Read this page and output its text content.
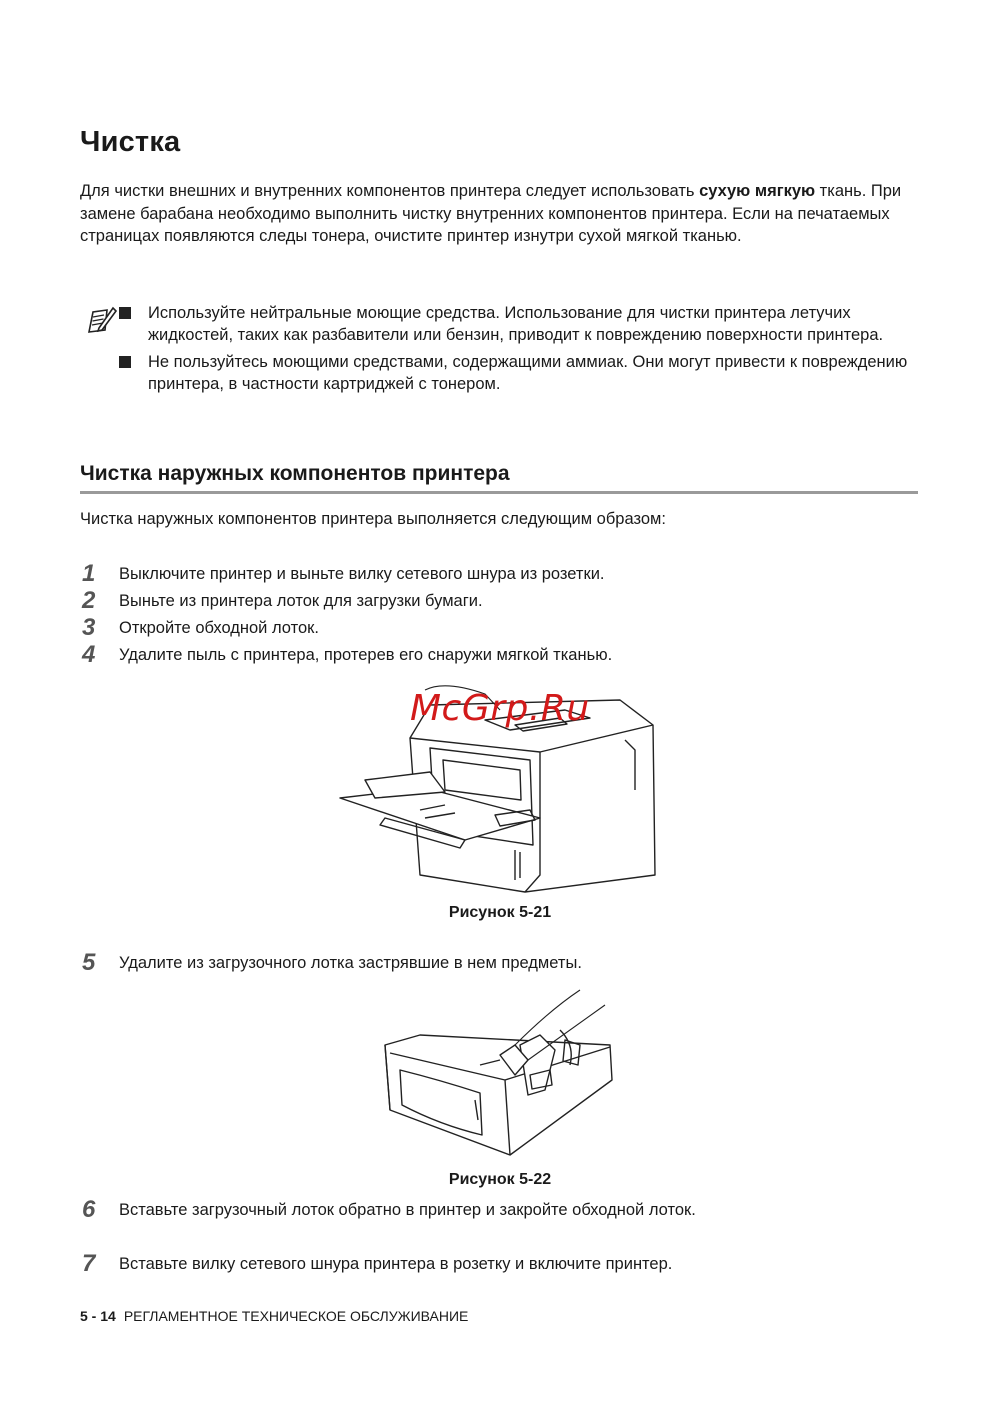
Чистка

Для чистки внешних и внутренних компонентов принтера следует использовать сухую мягкую ткань. При замене барабана необходимо выполнить чистку внутренних компонентов принтера. Если на печатаемых страницах появляются следы тонера, очистите принтер изнутри сухой мягкой тканью.

Используйте нейтральные моющие средства. Использование для чистки принтера летучих жидкостей, таких как разбавители или бензин, приводит к повреждению поверхности принтера.
Не пользуйтесь моющими средствами, содержащими аммиак. Они могут привести к повреждению принтера, в частности картриджей с тонером.
Чистка наружных компонентов принтера

Чистка наружных компонентов принтера выполняется следующим образом:

1 Выключите принтер и выньте вилку сетевого шнура из розетки.
2 Выньте из принтера лоток для загрузки бумаги.
3 Откройте обходной лоток.
4 Удалите пыль с принтера, протерев его снаружи мягкой тканью.
McGrp.Ru
Рисунок 5-21
5 Удалите из загрузочного лотка застрявшие в нем предметы.
Рисунок 5-22
6 Вставьте загрузочный лоток обратно в принтер и закройте обходной лоток.
7 Вставьте вилку сетевого шнура принтера в розетку и включите принтер.
5 - 14 РЕГЛАМЕНТНОЕ ТЕХНИЧЕСКОЕ ОБСЛУЖИВАНИЕ
